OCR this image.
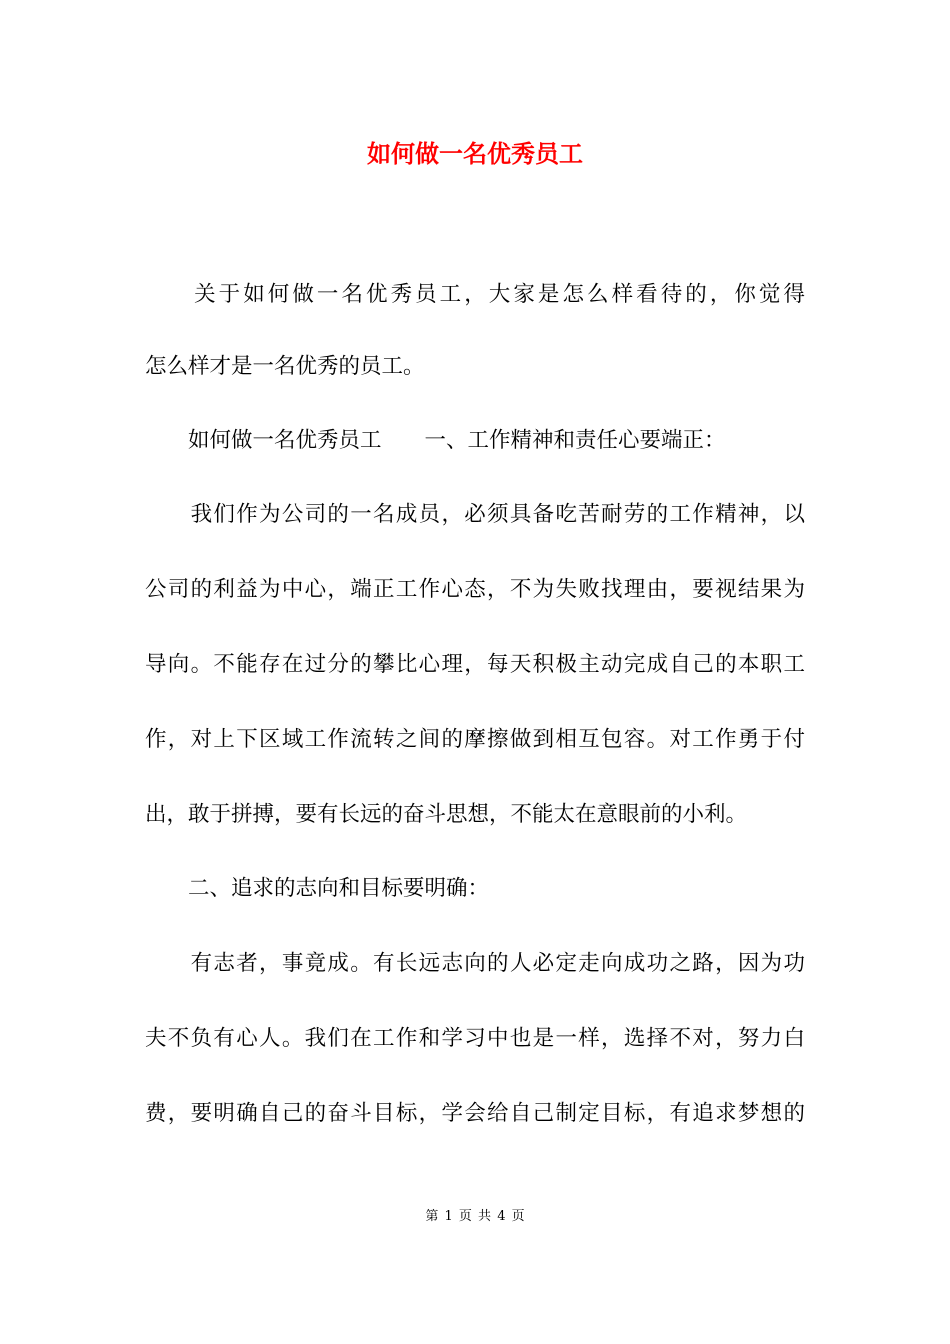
如何做一名优秀员工

　　关于如何做一名优秀员工，大家是怎么样看待的，你觉得

怎么样才是一名优秀的员工。

　　如何做一名优秀员工　　一、工作精神和责任心要端正：

　　我们作为公司的一名成员，必须具备吃苦耐劳的工作精神，以

公司的利益为中心，端正工作心态，不为失败找理由，要视结果为

导向。不能存在过分的攀比心理，每天积极主动完成自己的本职工

作，对上下区域工作流转之间的摩擦做到相互包容。对工作勇于付

出，敢于拼搏，要有长远的奋斗思想，不能太在意眼前的小利。

　　二、追求的志向和目标要明确：

　　有志者，事竟成。有长远志向的人必定走向成功之路，因为功

夫不负有心人。我们在工作和学习中也是一样，选择不对，努力白

费，要明确自己的奋斗目标，学会给自己制定目标，有追求梦想的

第 1 页 共 4 页
